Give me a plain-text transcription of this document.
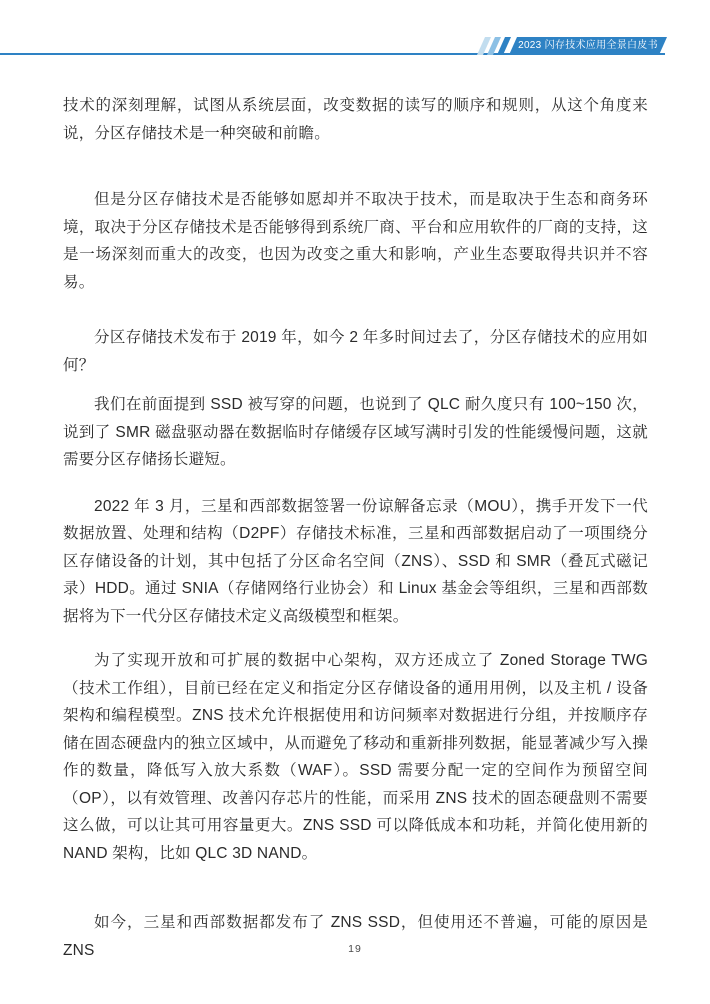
2023 闪存技术应用全景白皮书

技术的深刻理解，试图从系统层面，改变数据的读写的顺序和规则，从这个角度来说，分区存储技术是一种突破和前瞻。

但是分区存储技术是否能够如愿却并不取决于技术，而是取决于生态和商务环境，取决于分区存储技术是否能够得到系统厂商、平台和应用软件的厂商的支持，这是一场深刻而重大的改变，也因为改变之重大和影响，产业生态要取得共识并不容易。

分区存储技术发布于 2019 年，如今 2 年多时间过去了，分区存储技术的应用如何？

我们在前面提到 SSD 被写穿的问题，也说到了 QLC 耐久度只有 100~150 次，说到了 SMR 磁盘驱动器在数据临时存储缓存区域写满时引发的性能缓慢问题，这就需要分区存储扬长避短。

2022 年 3 月，三星和西部数据签署一份谅解备忘录（MOU），携手开发下一代数据放置、处理和结构（D2PF）存储技术标准，三星和西部数据启动了一项围绕分区存储设备的计划，其中包括了分区命名空间（ZNS）、SSD 和 SMR（叠瓦式磁记录）HDD。通过 SNIA（存储网络行业协会）和 Linux 基金会等组织，三星和西部数据将为下一代分区存储技术定义高级模型和框架。

为了实现开放和可扩展的数据中心架构，双方还成立了 Zoned Storage TWG（技术工作组），目前已经在定义和指定分区存储设备的通用用例，以及主机 / 设备架构和编程模型。ZNS 技术允许根据使用和访问频率对数据进行分组，并按顺序存储在固态硬盘内的独立区域中，从而避免了移动和重新排列数据，能显著减少写入操作的数量，降低写入放大系数（WAF）。SSD 需要分配一定的空间作为预留空间（OP），以有效管理、改善闪存芯片的性能，而采用 ZNS 技术的固态硬盘则不需要这么做，可以让其可用容量更大。ZNS SSD 可以降低成本和功耗，并简化使用新的 NAND 架构，比如 QLC 3D NAND。

如今，三星和西部数据都发布了 ZNS SSD，但使用还不普遍，可能的原因是 ZNS	19
